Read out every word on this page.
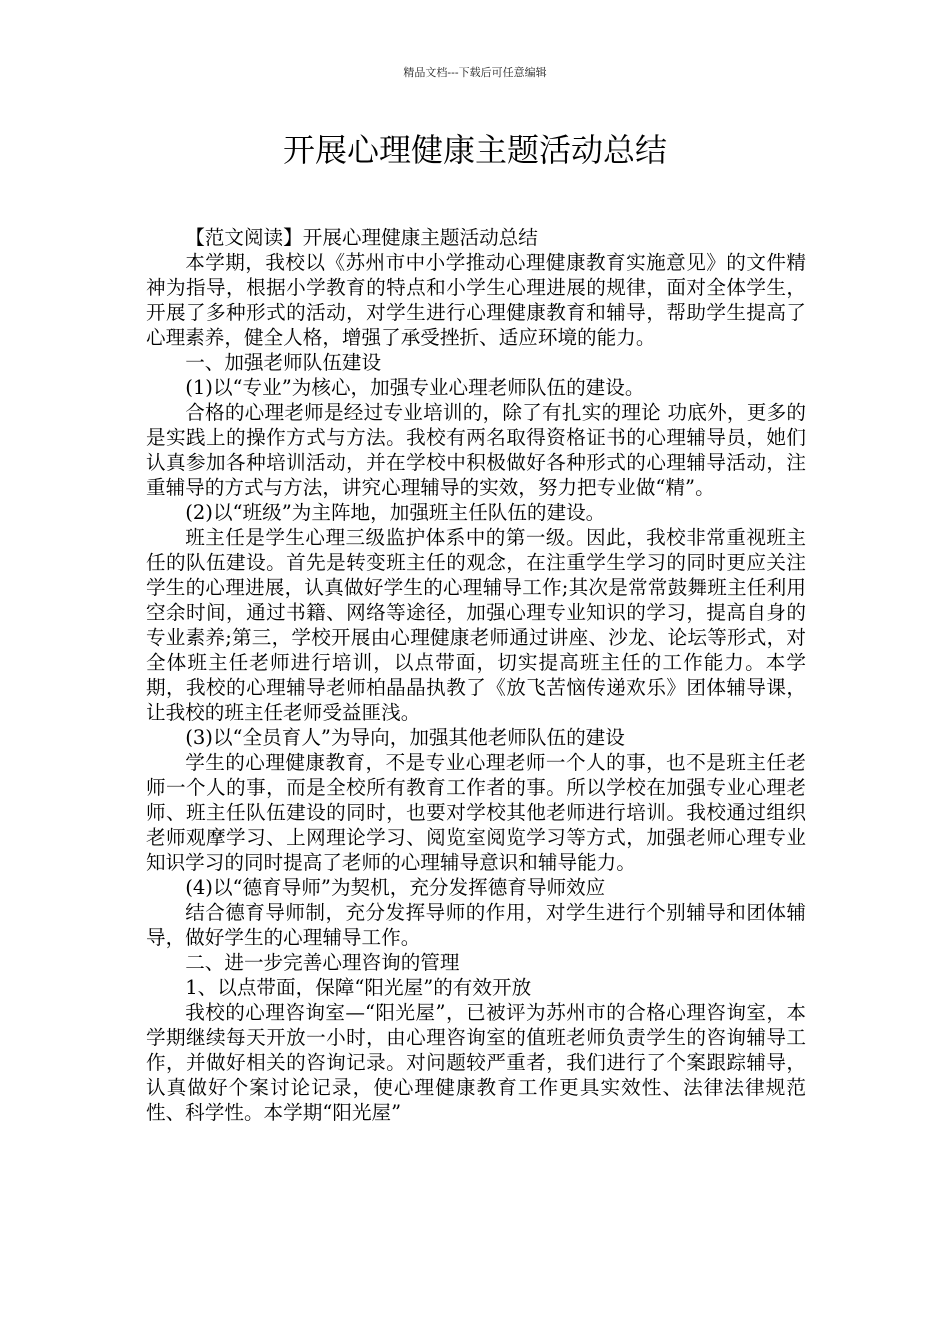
精品文档---下载后可任意编辑
开展心理健康主题活动总结

【范文阅读】开展心理健康主题活动总结

本学期，我校以《苏州市中小学推动心理健康教育实施意见》的文件精神为指导，根据小学教育的特点和小学生心理进展的规律，面对全体学生，开展了多种形式的活动，对学生进行心理健康教育和辅导，帮助学生提高了心理素养，健全人格，增强了承受挫折、适应环境的能力。

一、加强老师队伍建设

(1)以“专业”为核心，加强专业心理老师队伍的建设。

合格的心理老师是经过专业培训的，除了有扎实的理论 功底外，更多的是实践上的操作方式与方法。我校有两名取得资格证书的心理辅导员，她们认真参加各种培训活动，并在学校中积极做好各种形式的心理辅导活动，注重辅导的方式与方法，讲究心理辅导的实效，努力把专业做“精”。

(2)以“班级”为主阵地，加强班主任队伍的建设。

班主任是学生心理三级监护体系中的第一级。因此，我校非常重视班主任的队伍建设。首先是转变班主任的观念，在注重学生学习的同时更应关注学生的心理进展，认真做好学生的心理辅导工作;其次是常常鼓舞班主任利用空余时间，通过书籍、网络等途径，加强心理专业知识的学习，提高自身的专业素养;第三，学校开展由心理健康老师通过讲座、沙龙、论坛等形式，对全体班主任老师进行培训，以点带面，切实提高班主任的工作能力。本学期，我校的心理辅导老师柏晶晶执教了《放飞苦恼传递欢乐》团体辅导课，让我校的班主任老师受益匪浅。

(3)以“全员育人”为导向，加强其他老师队伍的建设

学生的心理健康教育，不是专业心理老师一个人的事，也不是班主任老师一个人的事，而是全校所有教育工作者的事。所以学校在加强专业心理老师、班主任队伍建设的同时，也要对学校其他老师进行培训。我校通过组织老师观摩学习、上网理论学习、阅览室阅览学习等方式，加强老师心理专业知识学习的同时提高了老师的心理辅导意识和辅导能力。

(4)以“德育导师”为契机，充分发挥德育导师效应

结合德育导师制，充分发挥导师的作用，对学生进行个别辅导和团体辅导，做好学生的心理辅导工作。

二、进一步完善心理咨询的管理

1、以点带面，保障“阳光屋”的有效开放

我校的心理咨询室—“阳光屋”，已被评为苏州市的合格心理咨询室，本学期继续每天开放一小时，由心理咨询室的值班老师负责学生的咨询辅导工作，并做好相关的咨询记录。对问题较严重者，我们进行了个案跟踪辅导，认真做好个案讨论记录，使心理健康教育工作更具实效性、法律法律规范性、科学性。本学期“阳光屋”
